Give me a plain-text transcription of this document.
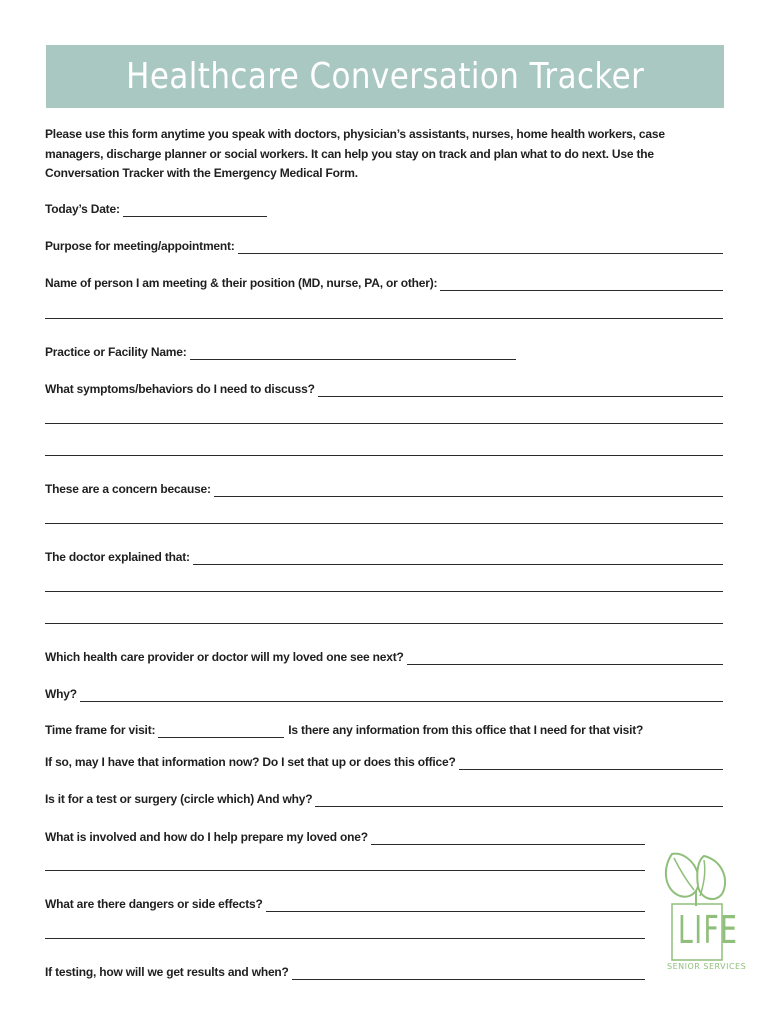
Healthcare Conversation Tracker
Please use this form anytime you speak with doctors, physician’s assistants, nurses, home health workers, case managers, discharge planner or social workers. It can help you stay on track and plan what to do next. Use the Conversation Tracker with the Emergency Medical Form.
Today’s Date:
Purpose for meeting/appointment:
Name of person I am meeting & their position (MD, nurse, PA, or other):
Practice or Facility Name:
What symptoms/behaviors do I need to discuss?
These are a concern because:
The doctor explained that:
Which health care provider or doctor will my loved one see next?
Why?
Time frame for visit:	Is there any information from this office that I need for that visit?
If so, may I have that information now? Do I set that up or does this office?
Is it for a test or surgery (circle which) And why?
What is involved and how do I help prepare my loved one?
What are there dangers or side effects?
If testing, how will we get results and when?
LIFE
SENIOR SERVICES
